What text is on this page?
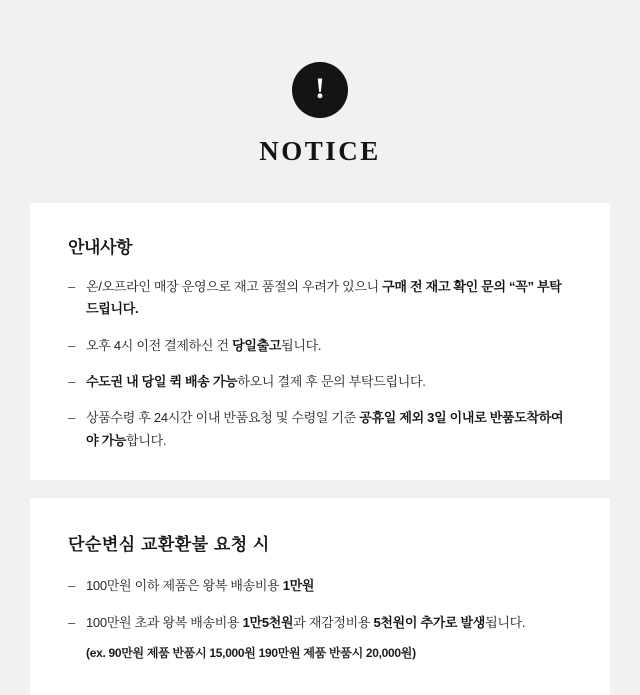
!
NOTICE
안내사항
– 온/오프라인 매장 운영으로 재고 품절의 우려가 있으니 구매 전 재고 확인 문의 “꼭” 부탁드립니다.
– 오후 4시 이전 결제하신 건 당일출고됩니다.
– 수도권 내 당일 퀵 배송 가능하오니 결제 후 문의 부탁드립니다.
– 상품수령 후 24시간 이내 반품요청 및 수령일 기준 공휴일 제외 3일 이내로 반품도착하여야 가능합니다.
단순변심 교환환불 요청 시
– 100만원 이하 제품은 왕복 배송비용 1만원
– 100만원 초과 왕복 배송비용 1만5천원과 재감정비용 5천원이 추가로 발생됩니다.
(ex. 90만원 제품 반품시 15,000원 190만원 제품 반품시 20,000원)
